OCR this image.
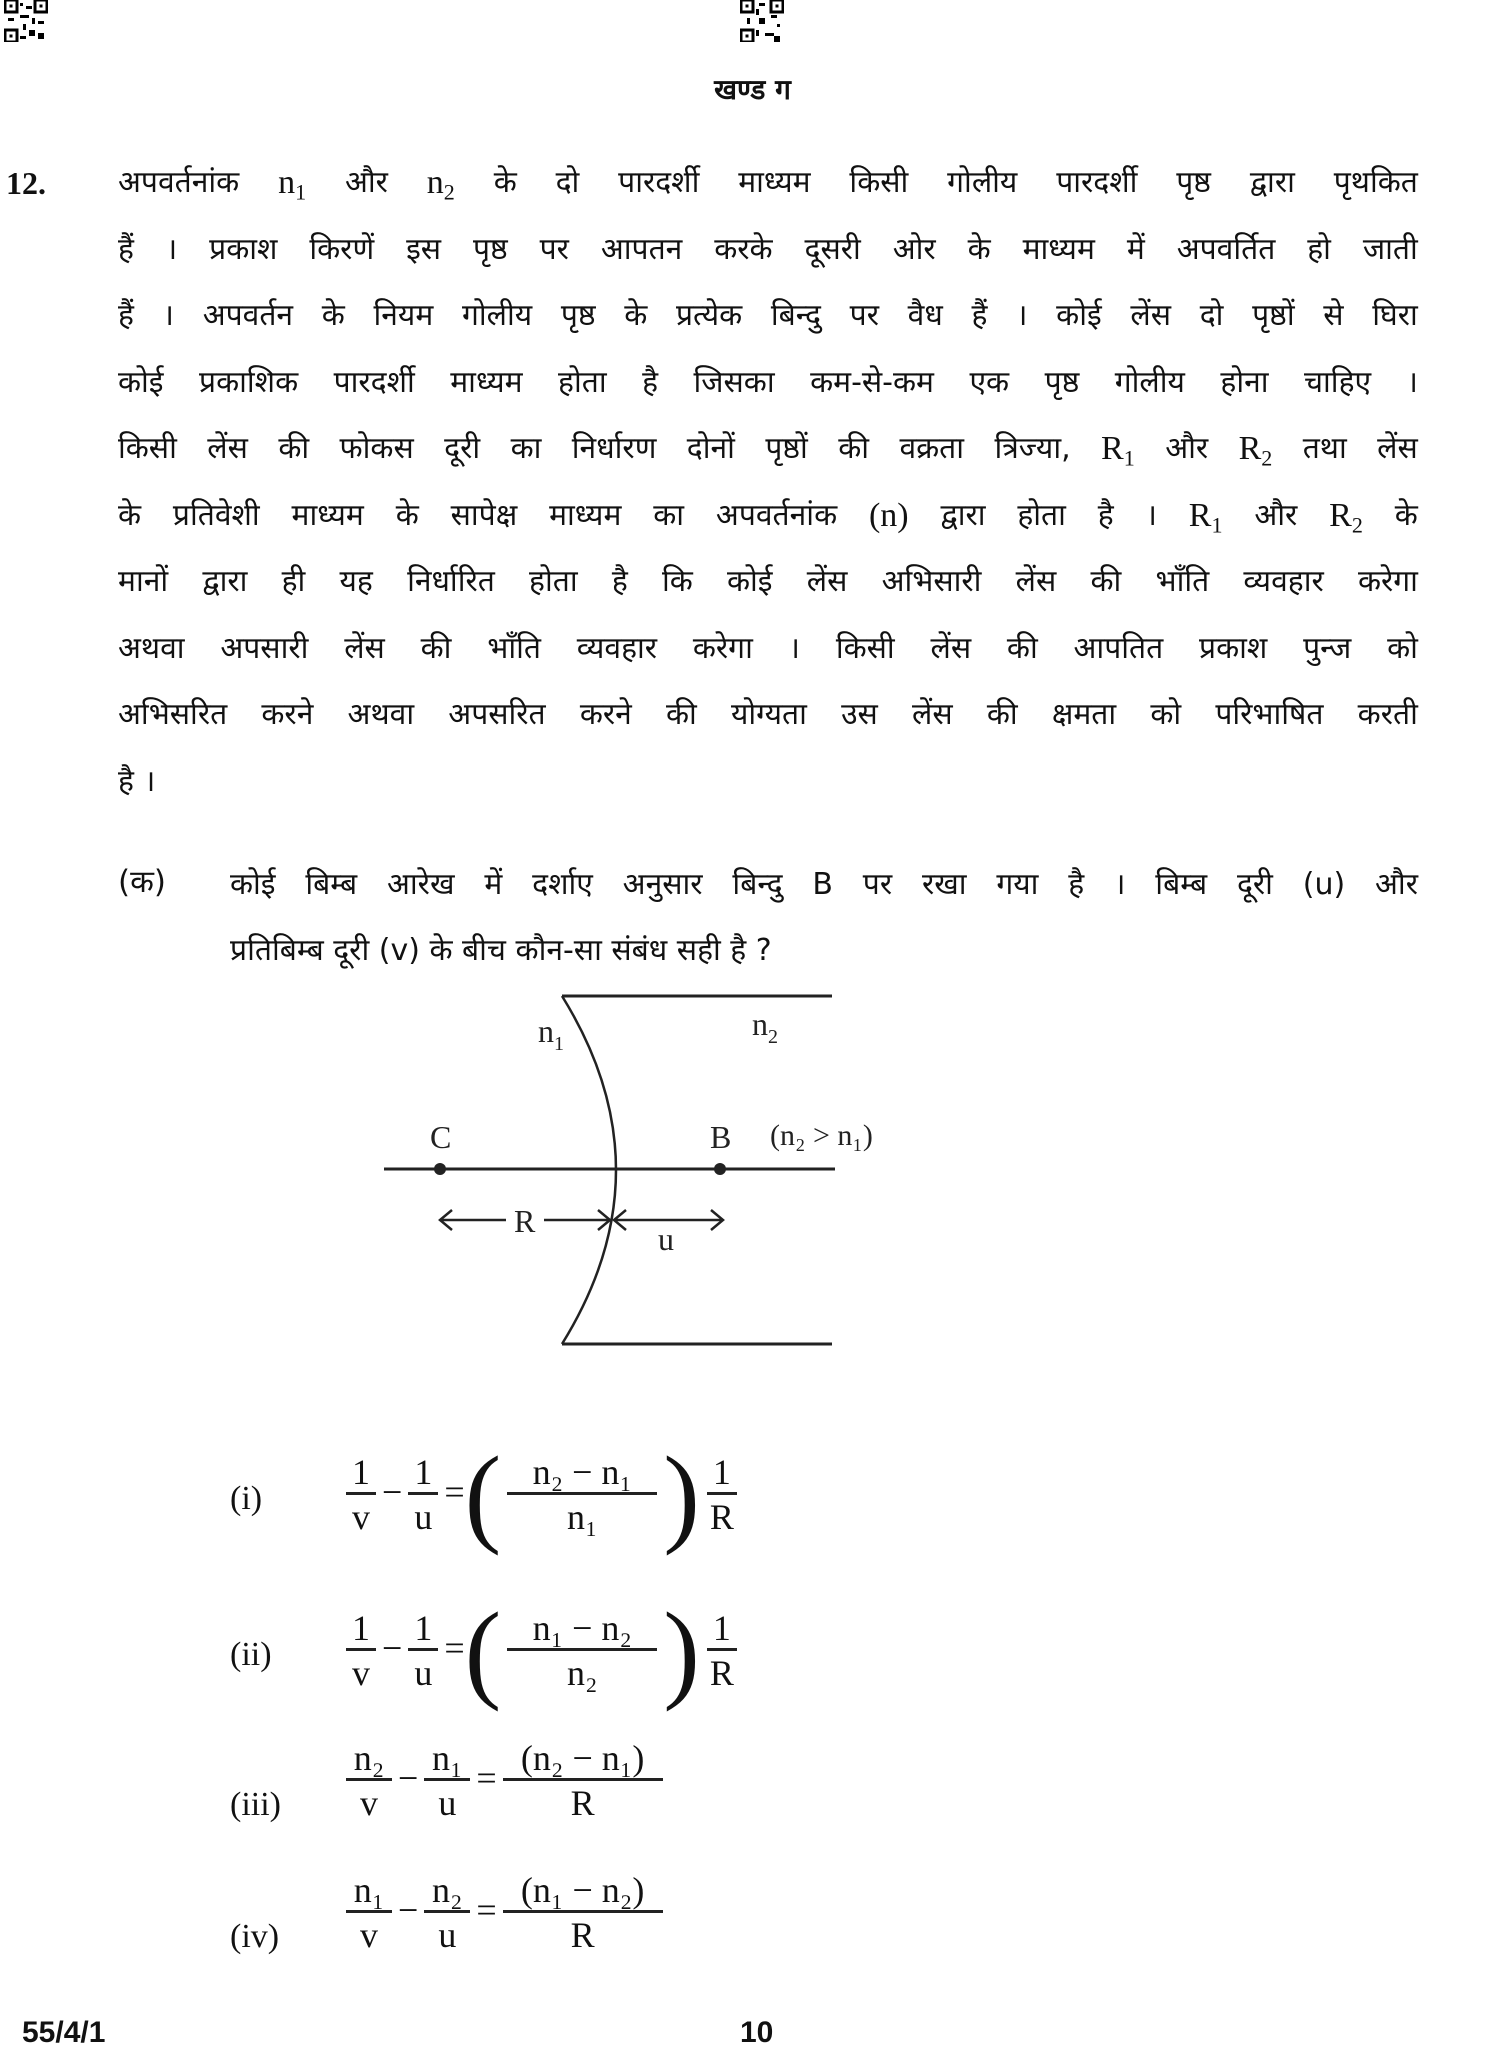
खण्ड ग
12. अपवर्तनांक $n_1$ और $n_2$ के दो पारदर्शी माध्यम किसी गोलीय पारदर्शी पृष्ठ द्वारा पृथकित
हैं । प्रकाश किरणें इस पृष्ठ पर आपतन करके दूसरी ओर के माध्यम में अपवर्तित हो जाती
हैं । अपवर्तन के नियम गोलीय पृष्ठ के प्रत्येक बिन्दु पर वैध हैं । कोई लेंस दो पृष्ठों से घिरा
कोई प्रकाशिक पारदर्शी माध्यम होता है जिसका कम-से-कम एक पृष्ठ गोलीय होना चाहिए ।
किसी लेंस की फोकस दूरी का निर्धारण दोनों पृष्ठों की वक्रता त्रिज्या, $R_1$ और $R_2$ तथा लेंस
के प्रतिवेशी माध्यम के सापेक्ष माध्यम का अपवर्तनांक (n) द्वारा होता है । $R_1$ और $R_2$ के
मानों द्वारा ही यह निर्धारित होता है कि कोई लेंस अभिसारी लेंस की भाँति व्यवहार करेगा
अथवा अपसारी लेंस की भाँति व्यवहार करेगा । किसी लेंस की आपतित प्रकाश पुन्ज को
अभिसरित करने अथवा अपसरित करने की योग्यता उस लेंस की क्षमता को परिभाषित करती
है ।
(क) कोई बिम्ब आरेख में दर्शाए अनुसार बिन्दु B पर रखा गया है । बिम्ब दूरी (u) और
प्रतिबिम्ब दूरी (v) के बीच कौन-सा संबंध सही है ?
$n_1$
$n_2$
C	B
R	u
(n₂ > n₁)
$(i) \frac{1}{v} - \frac{1}{u}$ =( $\frac{\text{n₂ − n₁}}{\text{n₁}}$ ) $\frac{1}{R}$
$(ii) \frac{1}{v} - \frac{1}{u}$ =( $\frac{\text{n₁ − n₂}}{\text{n₂}}$ ) $\frac{1}{R}$
$(iii) \frac{\text{n₂}}{v} - \frac{\text{n₁}}{u} = \frac{\text{(n₂ − n₁)}}{R}$
$(iv) \frac{\text{n₁}}{v} - \frac{\text{n₂}}{u} = \frac{\text{(n₁ − n₂)}}{R}$
55/4/1	10
